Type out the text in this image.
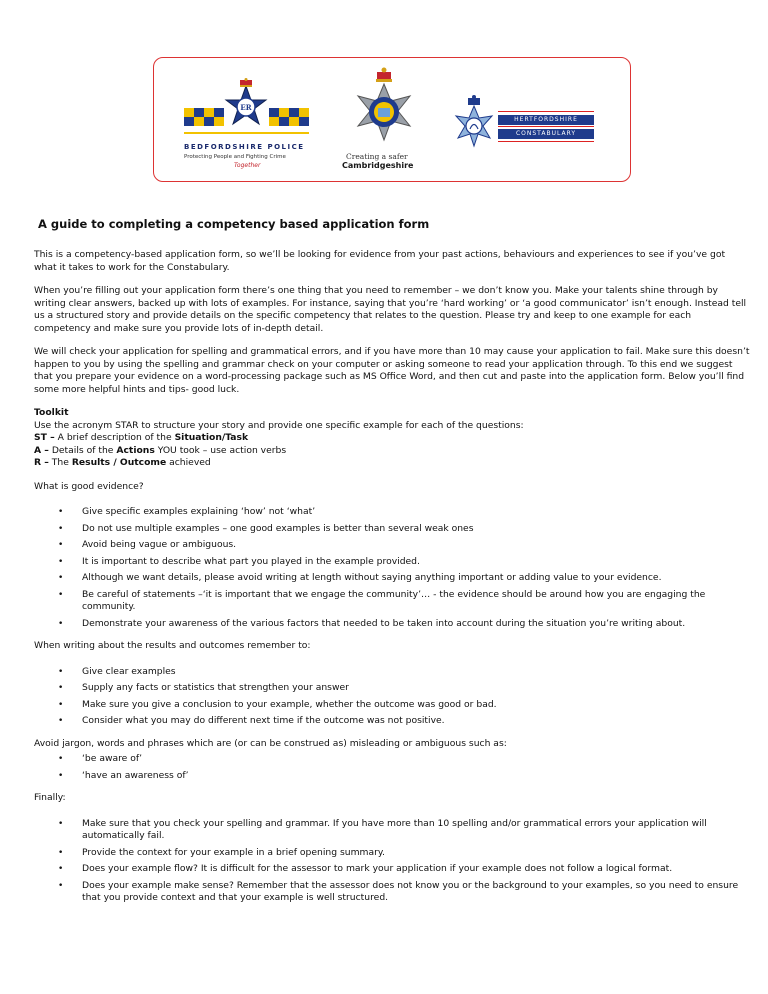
ER
BEDFORDSHIRE POLICE
Protecting People and Fighting Crime
Together
Creating a safer
Cambridgeshire
HERTFORDSHIRE
CONSTABULARY
A guide to completing a competency based application form

This is a competency-based application form, so we’ll be looking for evidence from your past actions, behaviours and experiences to see if you’ve got what it takes to work for the Constabulary.

When you’re filling out your application form there’s one thing that you need to remember – we don’t know you. Make your talents shine through by writing clear answers, backed up with lots of examples. For instance, saying that you’re ‘hard working’ or ‘a good communicator’ isn’t enough. Instead tell us a structured story and provide details on the specific competency that relates to the question. Please try and keep to one example for each competency and make sure you provide lots of in-depth detail.

We will check your application for spelling and grammatical errors, and if you have more than 10 may cause your application to fail. Make sure this doesn’t happen to you by using the spelling and grammar check on your computer or asking someone to read your application through. To this end we suggest that you prepare your evidence on a word-processing package such as MS Office Word, and then cut and paste into the application form. Below you’ll find some more helpful hints and tips- good luck.

Toolkit

Use the acronym STAR to structure your story and provide one specific example for each of the questions:

ST – A brief description of the Situation/Task

A – Details of the Actions YOU took – use action verbs

R – The Results / Outcome achieved

What is good evidence?

• Give specific examples explaining ‘how’ not ‘what’
• Do not use multiple examples – one good examples is better than several weak ones
• Avoid being vague or ambiguous.
• It is important to describe what part you played in the example provided.
• Although we want details, please avoid writing at length without saying anything important or adding value to your evidence.
• Be careful of statements –‘it is important that we engage the community’… - the evidence should be around how you are engaging the community.
• Demonstrate your awareness of the various factors that needed to be taken into account during the situation you’re writing about.

When writing about the results and outcomes remember to:

• Give clear examples
• Supply any facts or statistics that strengthen your answer
• Make sure you give a conclusion to your example, whether the outcome was good or bad.
• Consider what you may do different next time if the outcome was not positive.

Avoid jargon, words and phrases which are (or can be construed as) misleading or ambiguous such as:

• ‘be aware of’
• ‘have an awareness of’

Finally:

• Make sure that you check your spelling and grammar. If you have more than 10 spelling and/or grammatical errors your application will automatically fail.
• Provide the context for your example in a brief opening summary.
• Does your example flow? It is difficult for the assessor to mark your application if your example does not follow a logical format.
• Does your example make sense? Remember that the assessor does not know you or the background to your examples, so you need to ensure that you provide context and that your example is well structured.
